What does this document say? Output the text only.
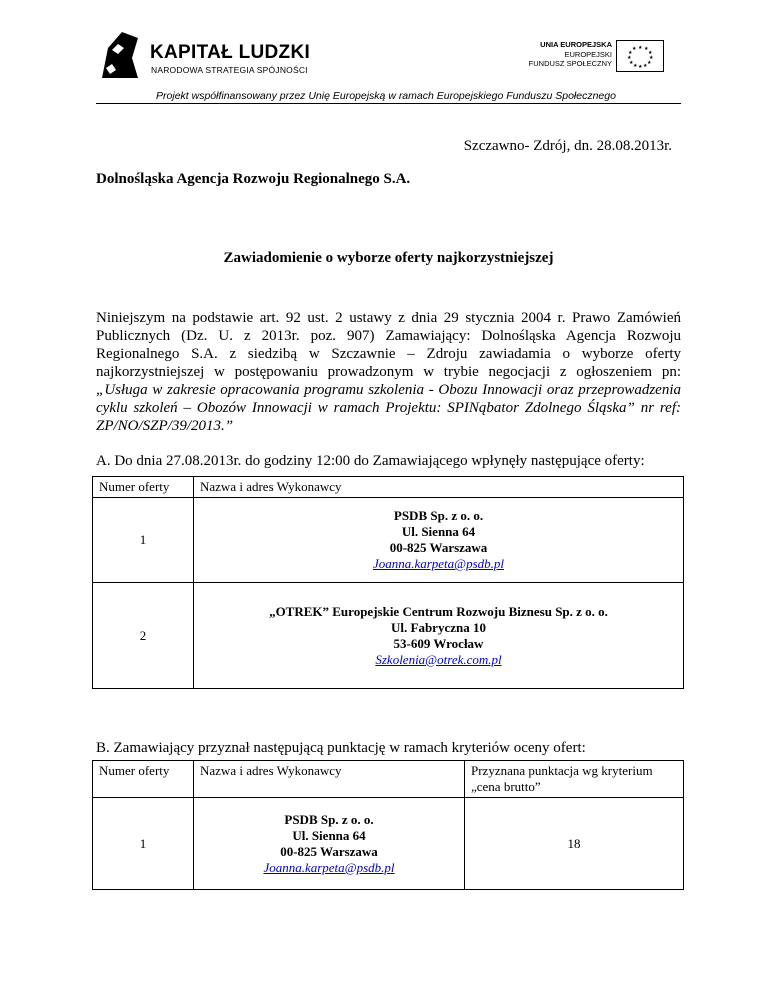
KAPITAŁ LUDZKI
NARODOWA STRATEGIA SPÓJNOŚCI
UNIA EUROPEJSKA
EUROPEJSKI
FUNDUSZ SPOŁECZNY
★ ★
★
★
★
★
★
★
★
★
★
★
Projekt współfinansowany przez Unię Europejską w ramach Europejskiego Funduszu Społecznego
Szczawno- Zdrój, dn. 28.08.2013r.
Dolnośląska Agencja Rozwoju Regionalnego S.A.
Zawiadomienie o wyborze oferty najkorzystniejszej
Niniejszym na podstawie art. 92 ust. 2 ustawy z dnia 29 stycznia 2004 r. Prawo Zamówień Publicznych (Dz. U. z 2013r. poz. 907) Zamawiający: Dolnośląska Agencja Rozwoju Regionalnego S.A. z siedzibą w Szczawnie – Zdroju zawiadamia o wyborze oferty najkorzystniejszej w postępowaniu prowadzonym w trybie negocjacji z ogłoszeniem pn: „Usługa w zakresie opracowania programu szkolenia - Obozu Innowacji oraz przeprowadzenia cyklu szkoleń – Obozów Innowacji w ramach Projektu: SPINąbator Zdolnego Śląska” nr ref: ZP/NO/SZP/39/2013.”
A. Do dnia 27.08.2013r. do godziny 12:00 do Zamawiającego wpłynęły następujące oferty:
Numer oferty	Nazwa i adres Wykonawcy
1	PSDB Sp. z o. o.
Ul. Sienna 64
00-825 Warszawa
Joanna.karpeta@psdb.pl

2	„OTREK” Europejskie Centrum Rozwoju Biznesu Sp. z o. o.
Ul. Fabryczna 10
53-609 Wrocław
Szkolenia@otrek.com.pl
B. Zamawiający przyznał następującą punktację w ramach kryteriów oceny ofert:
Numer oferty	Nazwa i adres Wykonawcy	Przyznana punktacja wg kryterium „cena brutto”
1	PSDB Sp. z o. o.
Ul. Sienna 64
00-825 Warszawa
Joanna.karpeta@psdb.pl	18
